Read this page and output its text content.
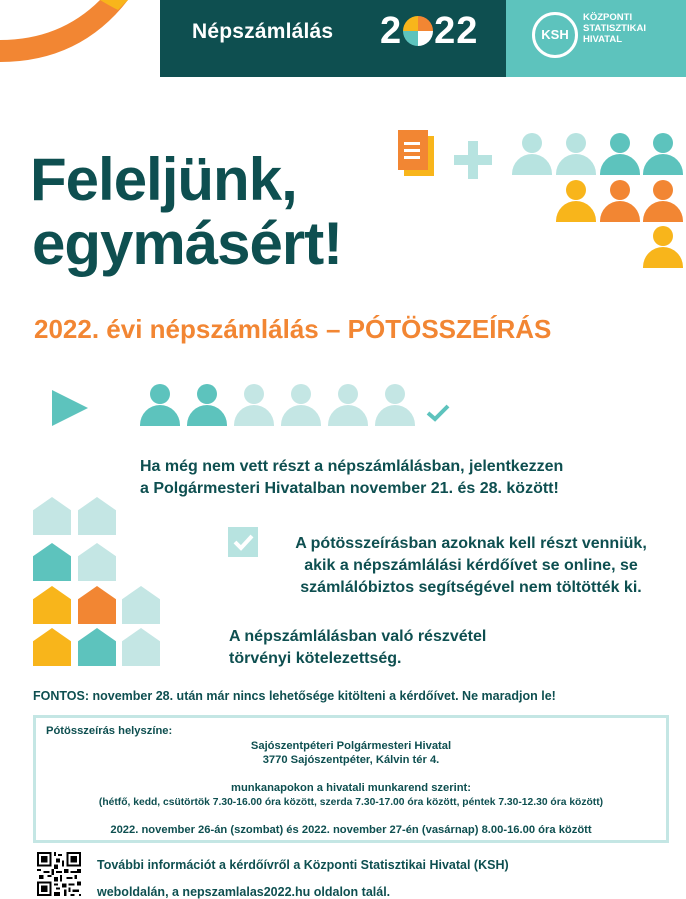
Népszámlálás 2 22	KSH
KÖZPONTI
STATISZTIKAI
HIVATAL
Feleljünk,
egymásért!
2022. évi népszámlálás – PÓTÖSSZEÍRÁS
Ha még nem vett részt a népszámlálásban, jelentkezzen
a Polgármesteri Hivatalban november 21. és 28. között!
A pótösszeírásban azoknak kell részt venniük,
akik a népszámlálási kérdőívet se online, se
számlálóbiztos segítségével nem töltötték ki.
A népszámlálásban való részvétel
törvényi kötelezettség.
FONTOS: november 28. után már nincs lehetősége kitölteni a kérdőívet. Ne maradjon le!
Pótösszeírás helyszíne:
Sajószentpéteri Polgármesteri Hivatal
3770 Sajószentpéter, Kálvin tér 4.
munkanapokon a hivatali munkarend szerint:
(hétfő, kedd, csütörtök 7.30-16.00 óra között, szerda 7.30-17.00 óra között, péntek 7.30-12.30 óra között)
2022. november 26-án (szombat) és 2022. november 27-én (vasárnap) 8.00-16.00 óra között
További információt a kérdőívről a Központi Statisztikai Hivatal (KSH)
weboldalán, a nepszamlalas2022.hu oldalon talál.
